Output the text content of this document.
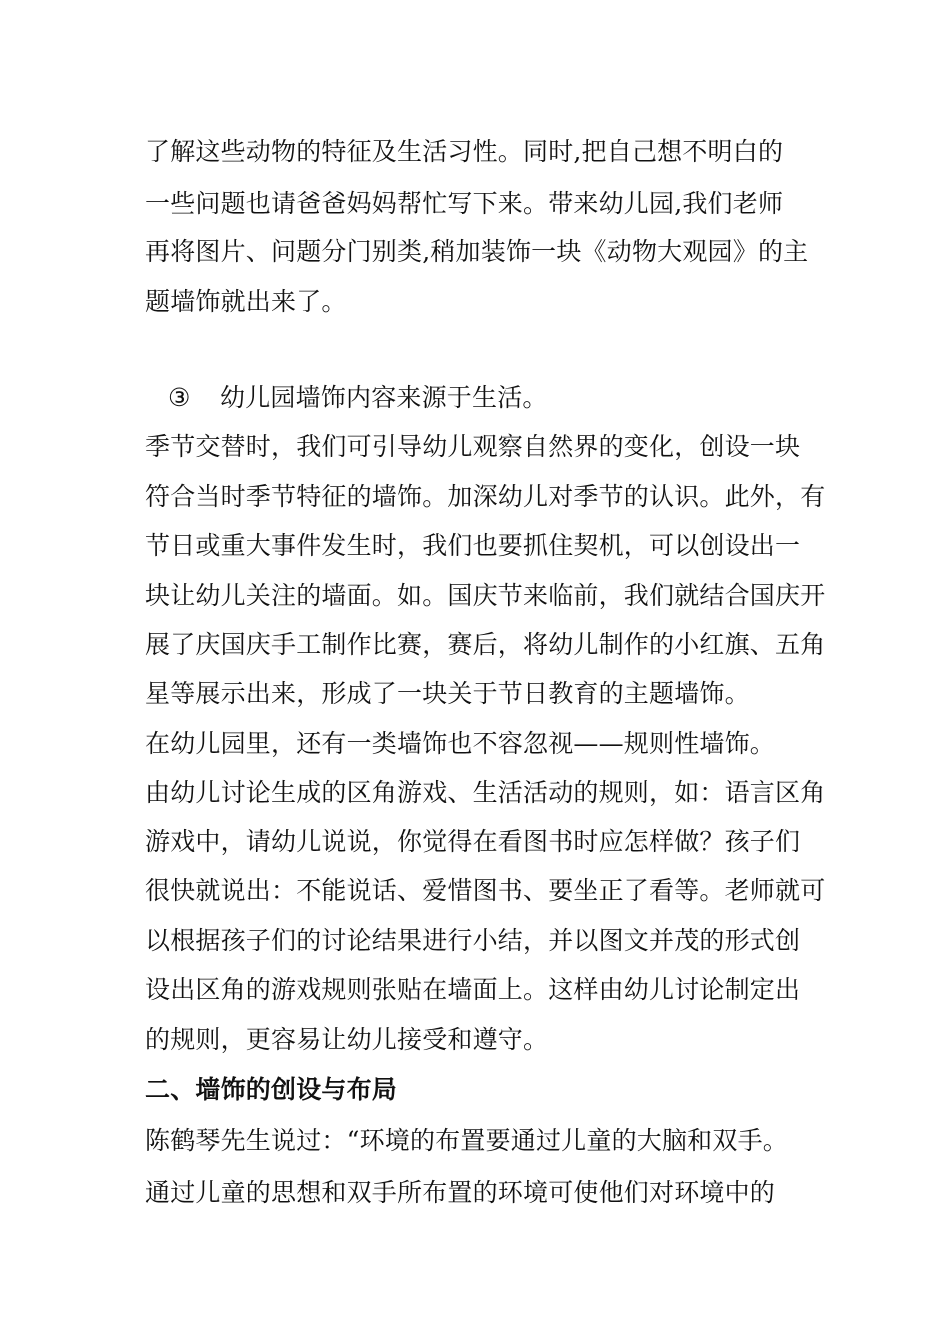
了解这些动物的特征及生活习性。同时,把自己想不明白的
一些问题也请爸爸妈妈帮忙写下来。带来幼儿园,我们老师
再将图片、问题分门别类,稍加装饰一块《动物大观园》的主
题墙饰就出来了。
③ 幼儿园墙饰内容来源于生活。
季节交替时，我们可引导幼儿观察自然界的变化，创设一块
符合当时季节特征的墙饰。加深幼儿对季节的认识。此外，有
节日或重大事件发生时，我们也要抓住契机，可以创设出一
块让幼儿关注的墙面。如。国庆节来临前，我们就结合国庆开
展了庆国庆手工制作比赛，赛后，将幼儿制作的小红旗、五角
星等展示出来，形成了一块关于节日教育的主题墙饰。
在幼儿园里，还有一类墙饰也不容忽视——规则性墙饰。
由幼儿讨论生成的区角游戏、生活活动的规则，如：语言区角
游戏中，请幼儿说说，你觉得在看图书时应怎样做？孩子们
很快就说出：不能说话、爱惜图书、要坐正了看等。老师就可
以根据孩子们的讨论结果进行小结，并以图文并茂的形式创
设出区角的游戏规则张贴在墙面上。这样由幼儿讨论制定出
的规则，更容易让幼儿接受和遵守。
二、墙饰的创设与布局
陈鹤琴先生说过：“环境的布置要通过儿童的大脑和双手。
通过儿童的思想和双手所布置的环境可使他们对环境中的
